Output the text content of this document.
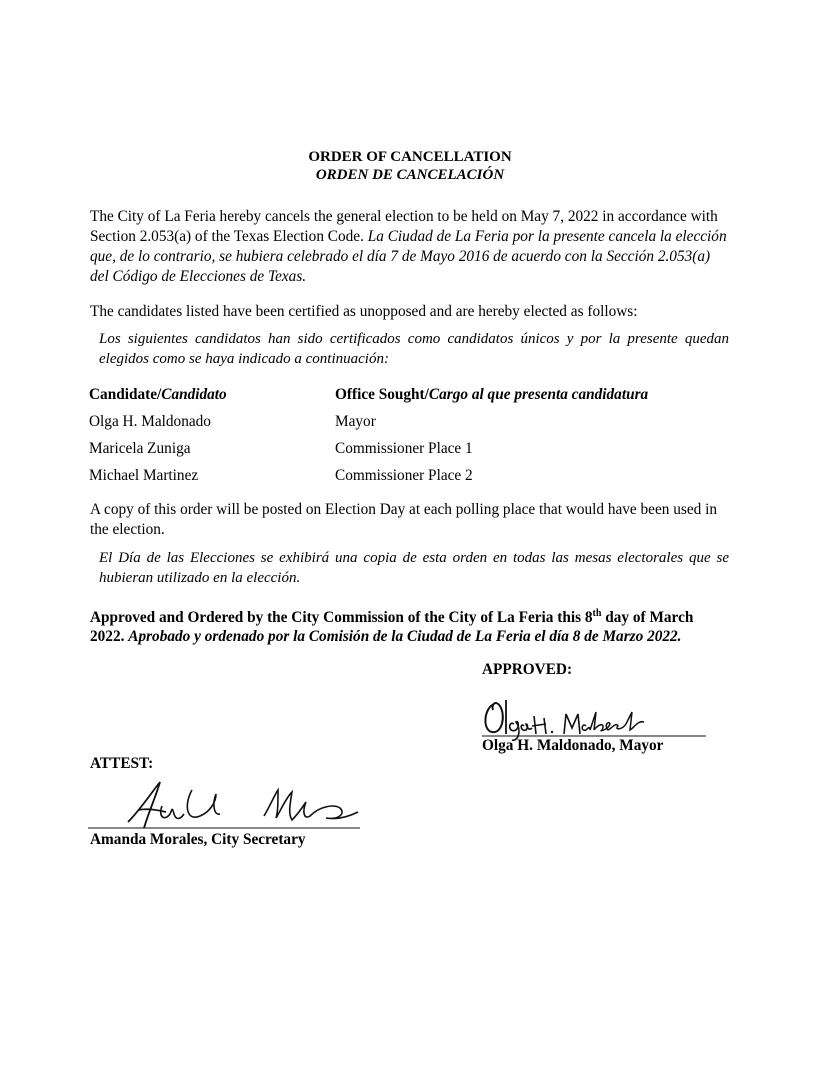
ORDER OF CANCELLATION
ORDEN DE CANCELACIÓN
The City of La Feria hereby cancels the general election to be held on May 7, 2022 in accordance with Section 2.053(a) of the Texas Election Code. La Ciudad de La Feria por la presente cancela la elección que, de lo contrario, se hubiera celebrado el día 7 de Mayo 2016 de acuerdo con la Sección 2.053(a) del Código de Elecciones de Texas.
The candidates listed have been certified as unopposed and are hereby elected as follows:
Los siguientes candidatos han sido certificados como candidatos únicos y por la presente quedan elegidos como se haya indicado a continuación:
Candidate/Candidato	Office Sought/Cargo al que presenta candidatura
Olga H. Maldonado	Mayor
Maricela Zuniga	Commissioner Place 1
Michael Martinez	Commissioner Place 2
A copy of this order will be posted on Election Day at each polling place that would have been used in the election.
El Día de las Elecciones se exhibirá una copia de esta orden en todas las mesas electorales que se hubieran utilizado en la elección.
Approved and Ordered by the City Commission of the City of La Feria this 8th day of March 2022. Aprobado y ordenado por la Comisión de la Ciudad de La Feria el día 8 de Marzo 2022.
APPROVED:
Olga H. Maldonado, Mayor
ATTEST:
Amanda Morales, City Secretary
